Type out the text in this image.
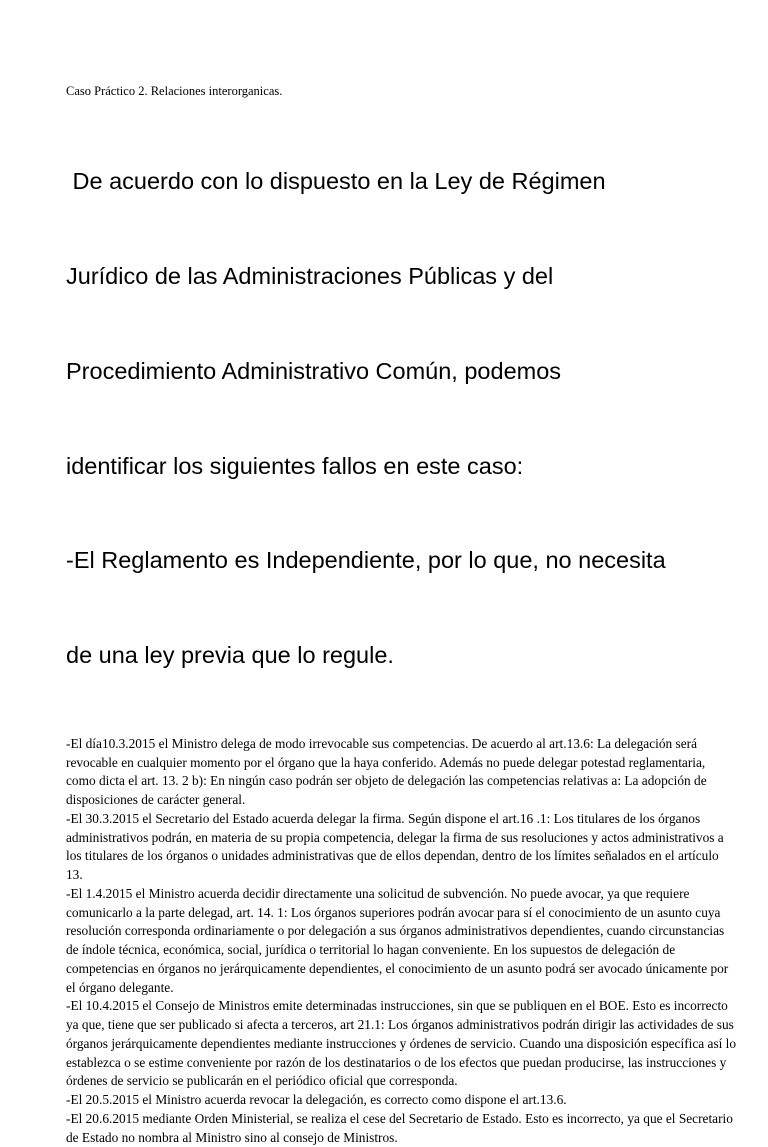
Caso Práctico 2. Relaciones interorganicas.

De acuerdo con lo dispuesto en la Ley de Régimen

Jurídico de las Administraciones Públicas y del

Procedimiento Administrativo Común, podemos

identificar los siguientes fallos en este caso:

-El Reglamento es Independiente, por lo que, no necesita

de una ley previa que lo regule.

-El día10.3.2015 el Ministro delega de modo irrevocable sus competencias. De acuerdo al art.13.6: La delegación será revocable en cualquier momento por el órgano que la haya conferido. Además no puede delegar potestad reglamentaria, como dicta el art. 13. 2 b): En ningún caso podrán ser objeto de delegación las competencias relativas a: La adopción de disposiciones de carácter general.

-El 30.3.2015 el Secretario del Estado acuerda delegar la firma. Según dispone el art.16 .1: Los titulares de los órganos administrativos podrán, en materia de su propia competencia, delegar la firma de sus resoluciones y actos administrativos a los titulares de los órganos o unidades administrativas que de ellos dependan, dentro de los límites señalados en el artículo 13.

-El 1.4.2015 el Ministro acuerda decidir directamente una solicitud de subvención. No puede avocar, ya que requiere comunicarlo a la parte delegad, art. 14. 1: Los órganos superiores podrán avocar para sí el conocimiento de un asunto cuya resolución corresponda ordinariamente o por delegación a sus órganos administrativos dependientes, cuando circunstancias de índole técnica, económica, social, jurídica o territorial lo hagan conveniente. En los supuestos de delegación de competencias en órganos no jerárquicamente dependientes, el conocimiento de un asunto podrá ser avocado únicamente por el órgano delegante.

-El 10.4.2015 el Consejo de Ministros emite determinadas instrucciones, sin que se publiquen en el BOE. Esto es incorrecto ya que, tiene que ser publicado si afecta a terceros, art 21.1: Los órganos administrativos podrán dirigir las actividades de sus órganos jerárquicamente dependientes mediante instrucciones y órdenes de servicio. Cuando una disposición específica así lo establezca o se estime conveniente por razón de los destinatarios o de los efectos que puedan producirse, las instrucciones y órdenes de servicio se publicarán en el periódico oficial que corresponda.

-El 20.5.2015 el Ministro acuerda revocar la delegación, es correcto como dispone el art.13.6.

-El 20.6.2015 mediante Orden Ministerial, se realiza el cese del Secretario de Estado. Esto es incorrecto, ya que el Secretario de Estado no nombra al Ministro sino al consejo de Ministros.
